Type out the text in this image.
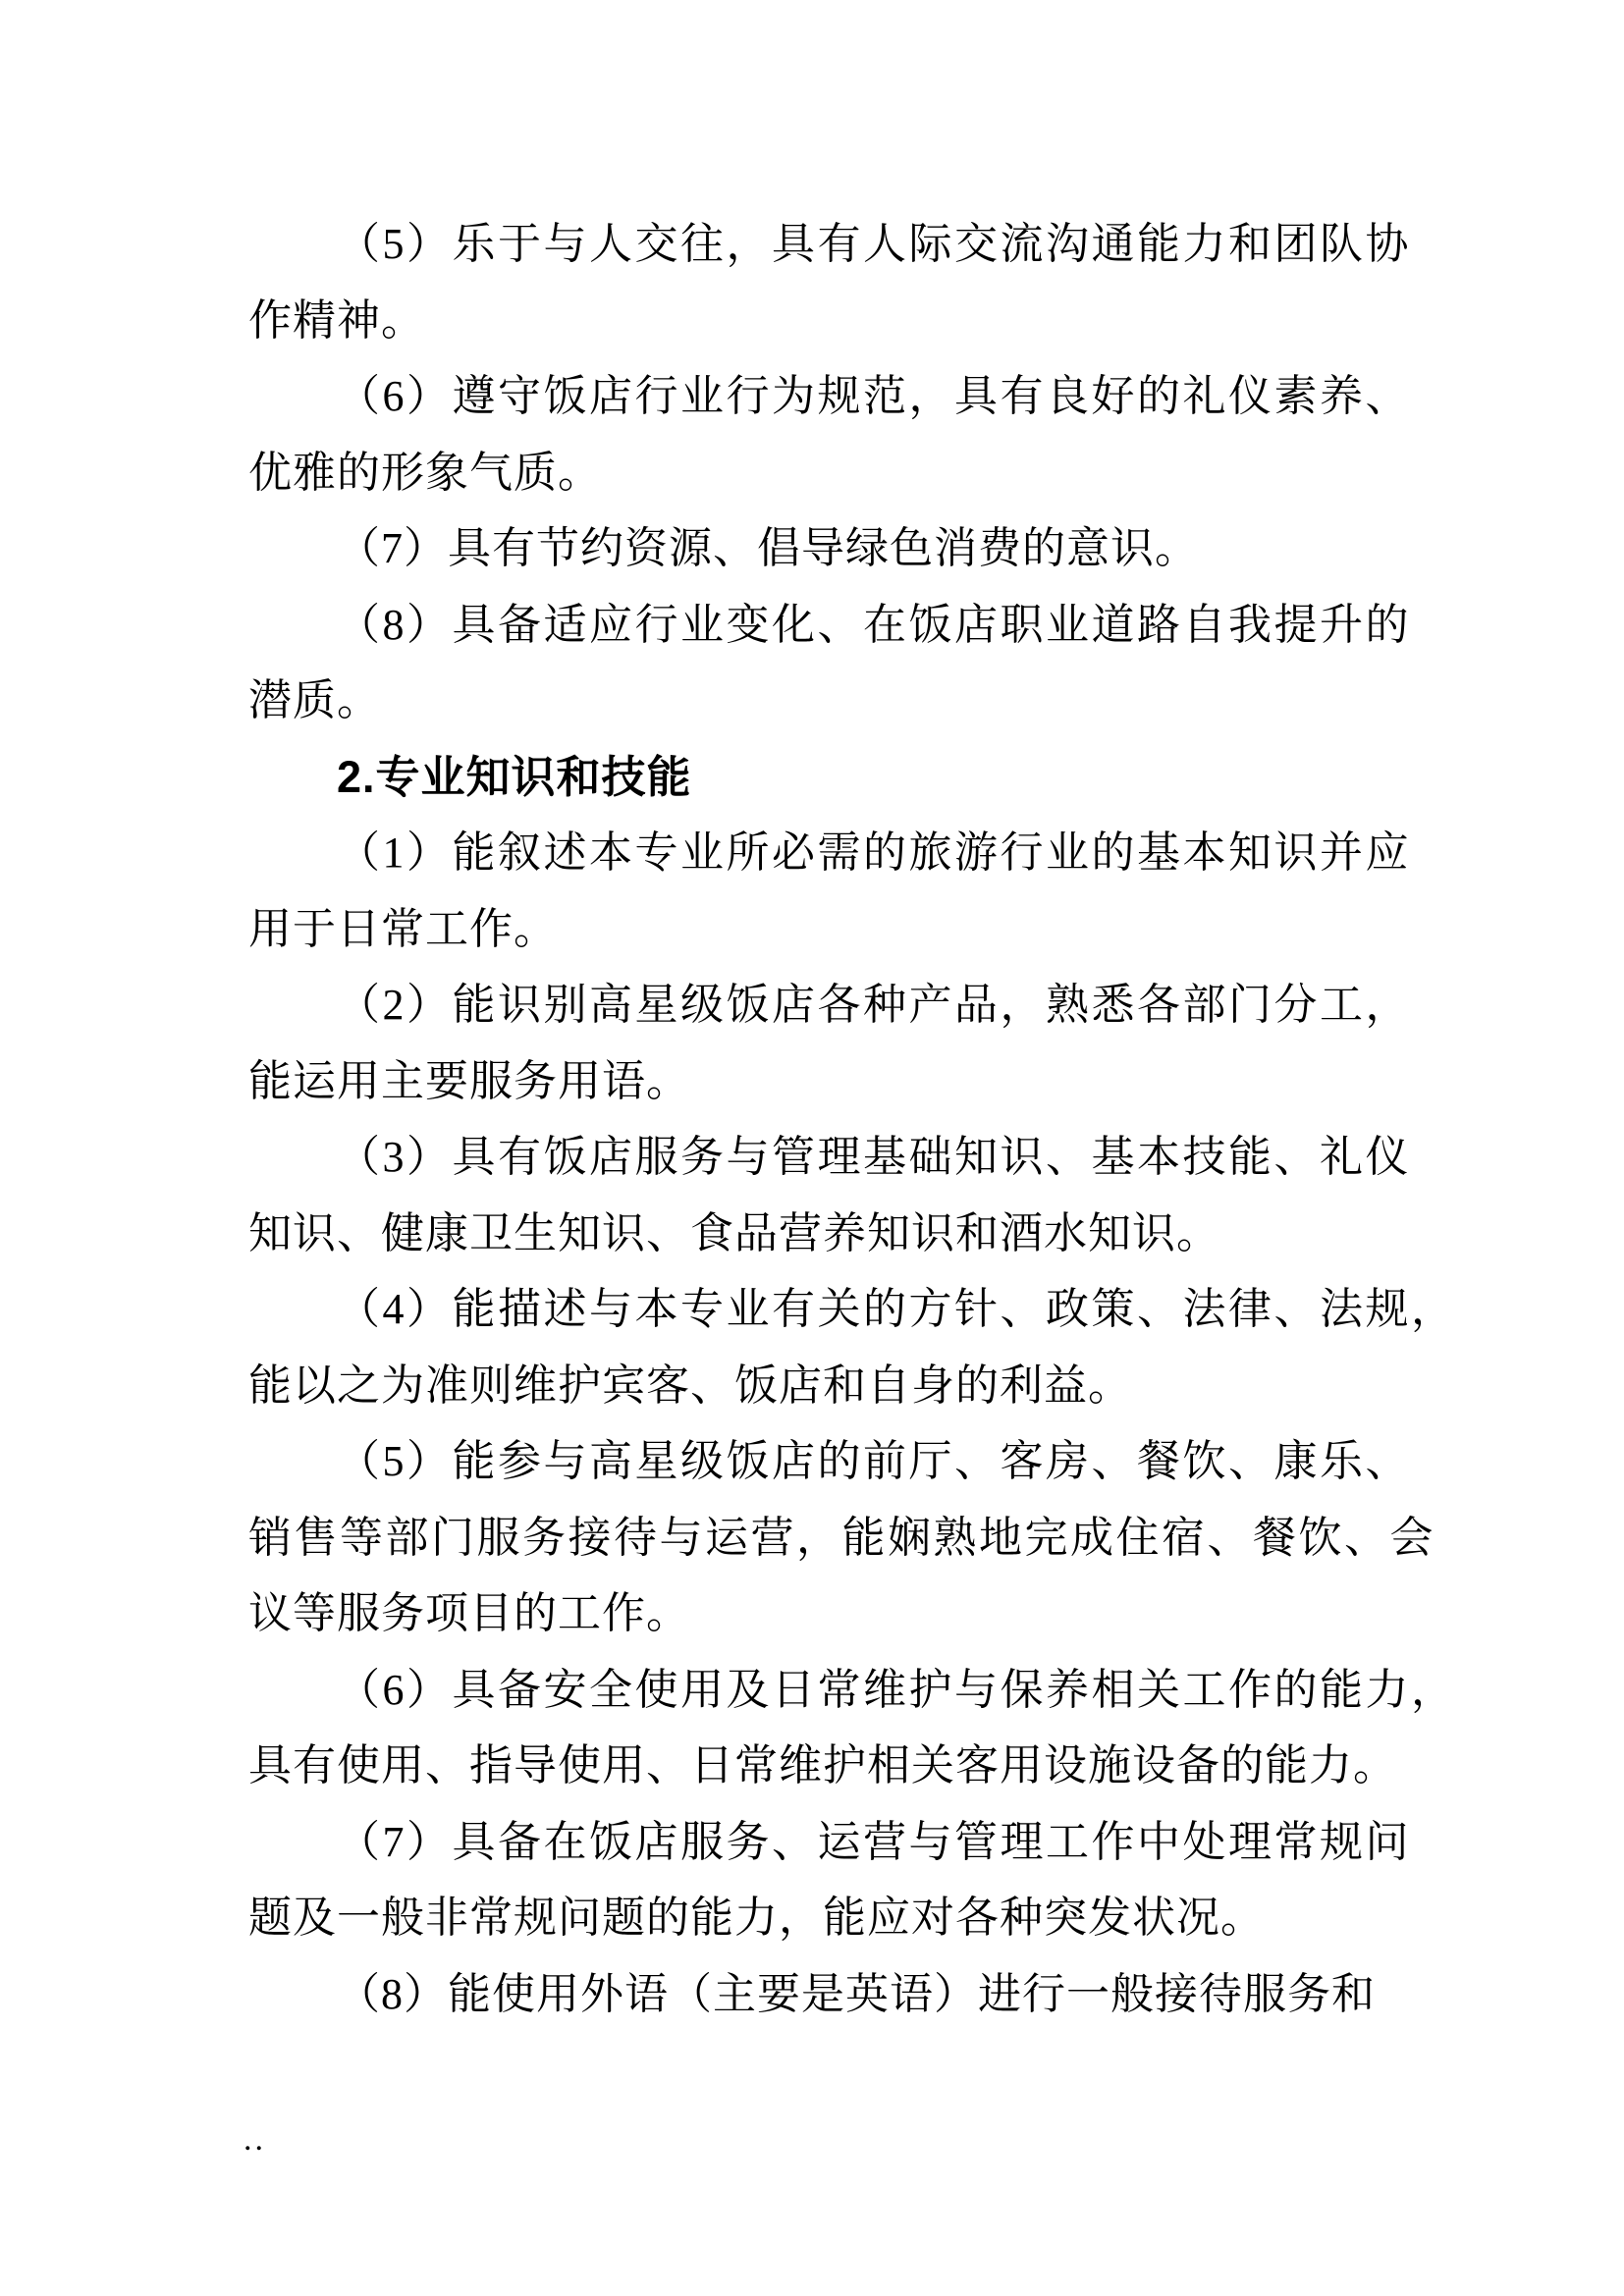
（5）乐于与人交往，具有人际交流沟通能力和团队协
作精神。
（6）遵守饭店行业行为规范，具有良好的礼仪素养、
优雅的形象气质。
（7）具有节约资源、倡导绿色消费的意识。
（8）具备适应行业变化、在饭店职业道路自我提升的
潜质。
2.专业知识和技能
（1）能叙述本专业所必需的旅游行业的基本知识并应
用于日常工作。
（2）能识别高星级饭店各种产品，熟悉各部门分工，
能运用主要服务用语。
（3）具有饭店服务与管理基础知识、基本技能、礼仪
知识、健康卫生知识、食品营养知识和酒水知识。
（4）能描述与本专业有关的方针、政策、法律、法规，
能以之为准则维护宾客、饭店和自身的利益。
（5）能参与高星级饭店的前厅、客房、餐饮、康乐、
销售等部门服务接待与运营，能娴熟地完成住宿、餐饮、会
议等服务项目的工作。
（6）具备安全使用及日常维护与保养相关工作的能力，
具有使用、指导使用、日常维护相关客用设施设备的能力。
（7）具备在饭店服务、运营与管理工作中处理常规问
题及一般非常规问题的能力，能应对各种突发状况。
（8）能使用外语（主要是英语）进行一般接待服务和
..
